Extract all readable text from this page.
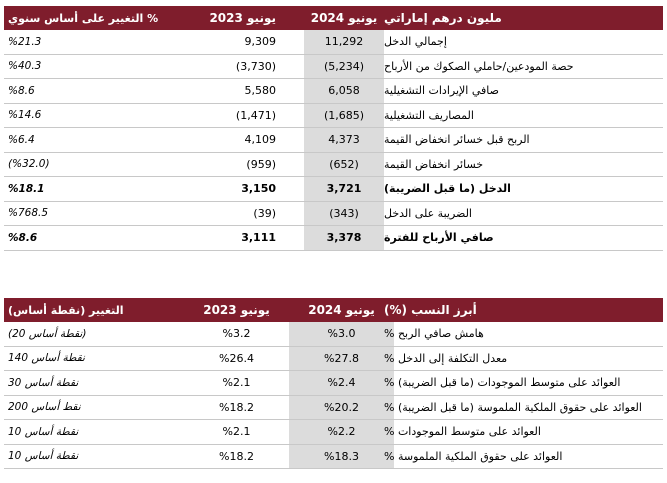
التغيير على أساس سنوي %	يونيو 2023	يونيو 2024 مليون درهم إماراتي
%21.3	9,309	11,292	إجمالي الدخل
%40.3	(3,730)	(5,234)	حصة المودعين/حاملي الصكوك من الأرباح
%8.6	5,580	6,058	صافي الإيرادات التشغيلية
%14.6	(1,471)	(1,685)	المصاريف التشغيلية
%6.4	4,109	4,373	الربح قبل خسائر انخفاض القيمة
(%32.0)	(959)	(652)	خسائر انخفاض القيمة
%18.1	3,150	3,721	الدخل (ما قبل الضريبة)
%768.5	(39)	(343)	الضريبة على الدخل
%8.6	3,111	3,378	صافي الأرباح للفترة
التغيير (نقطة أساس)	يونيو 2023	يونيو 2024 أبرز النسب (%)
(20 نقطة أساس)	%3.2	%3.0	هامش صافي الربح %
140 نقطة أساس	%26.4	%27.8	معدل التكلفة إلى الدخل %
30 نقطة أساس	%2.1	%2.4	العوائد على متوسط الموجودات (ما قبل الضريبة) %
200 نقط أساس	%18.2	%20.2	العوائد على حقوق الملكية الملموسة (ما قبل الضريبة) %
10 نقطة أساس	%2.1	%2.2	العوائد على متوسط الموجودات %
10 نقطة أساس	%18.2	%18.3	العوائد على حقوق الملكية الملموسة %
